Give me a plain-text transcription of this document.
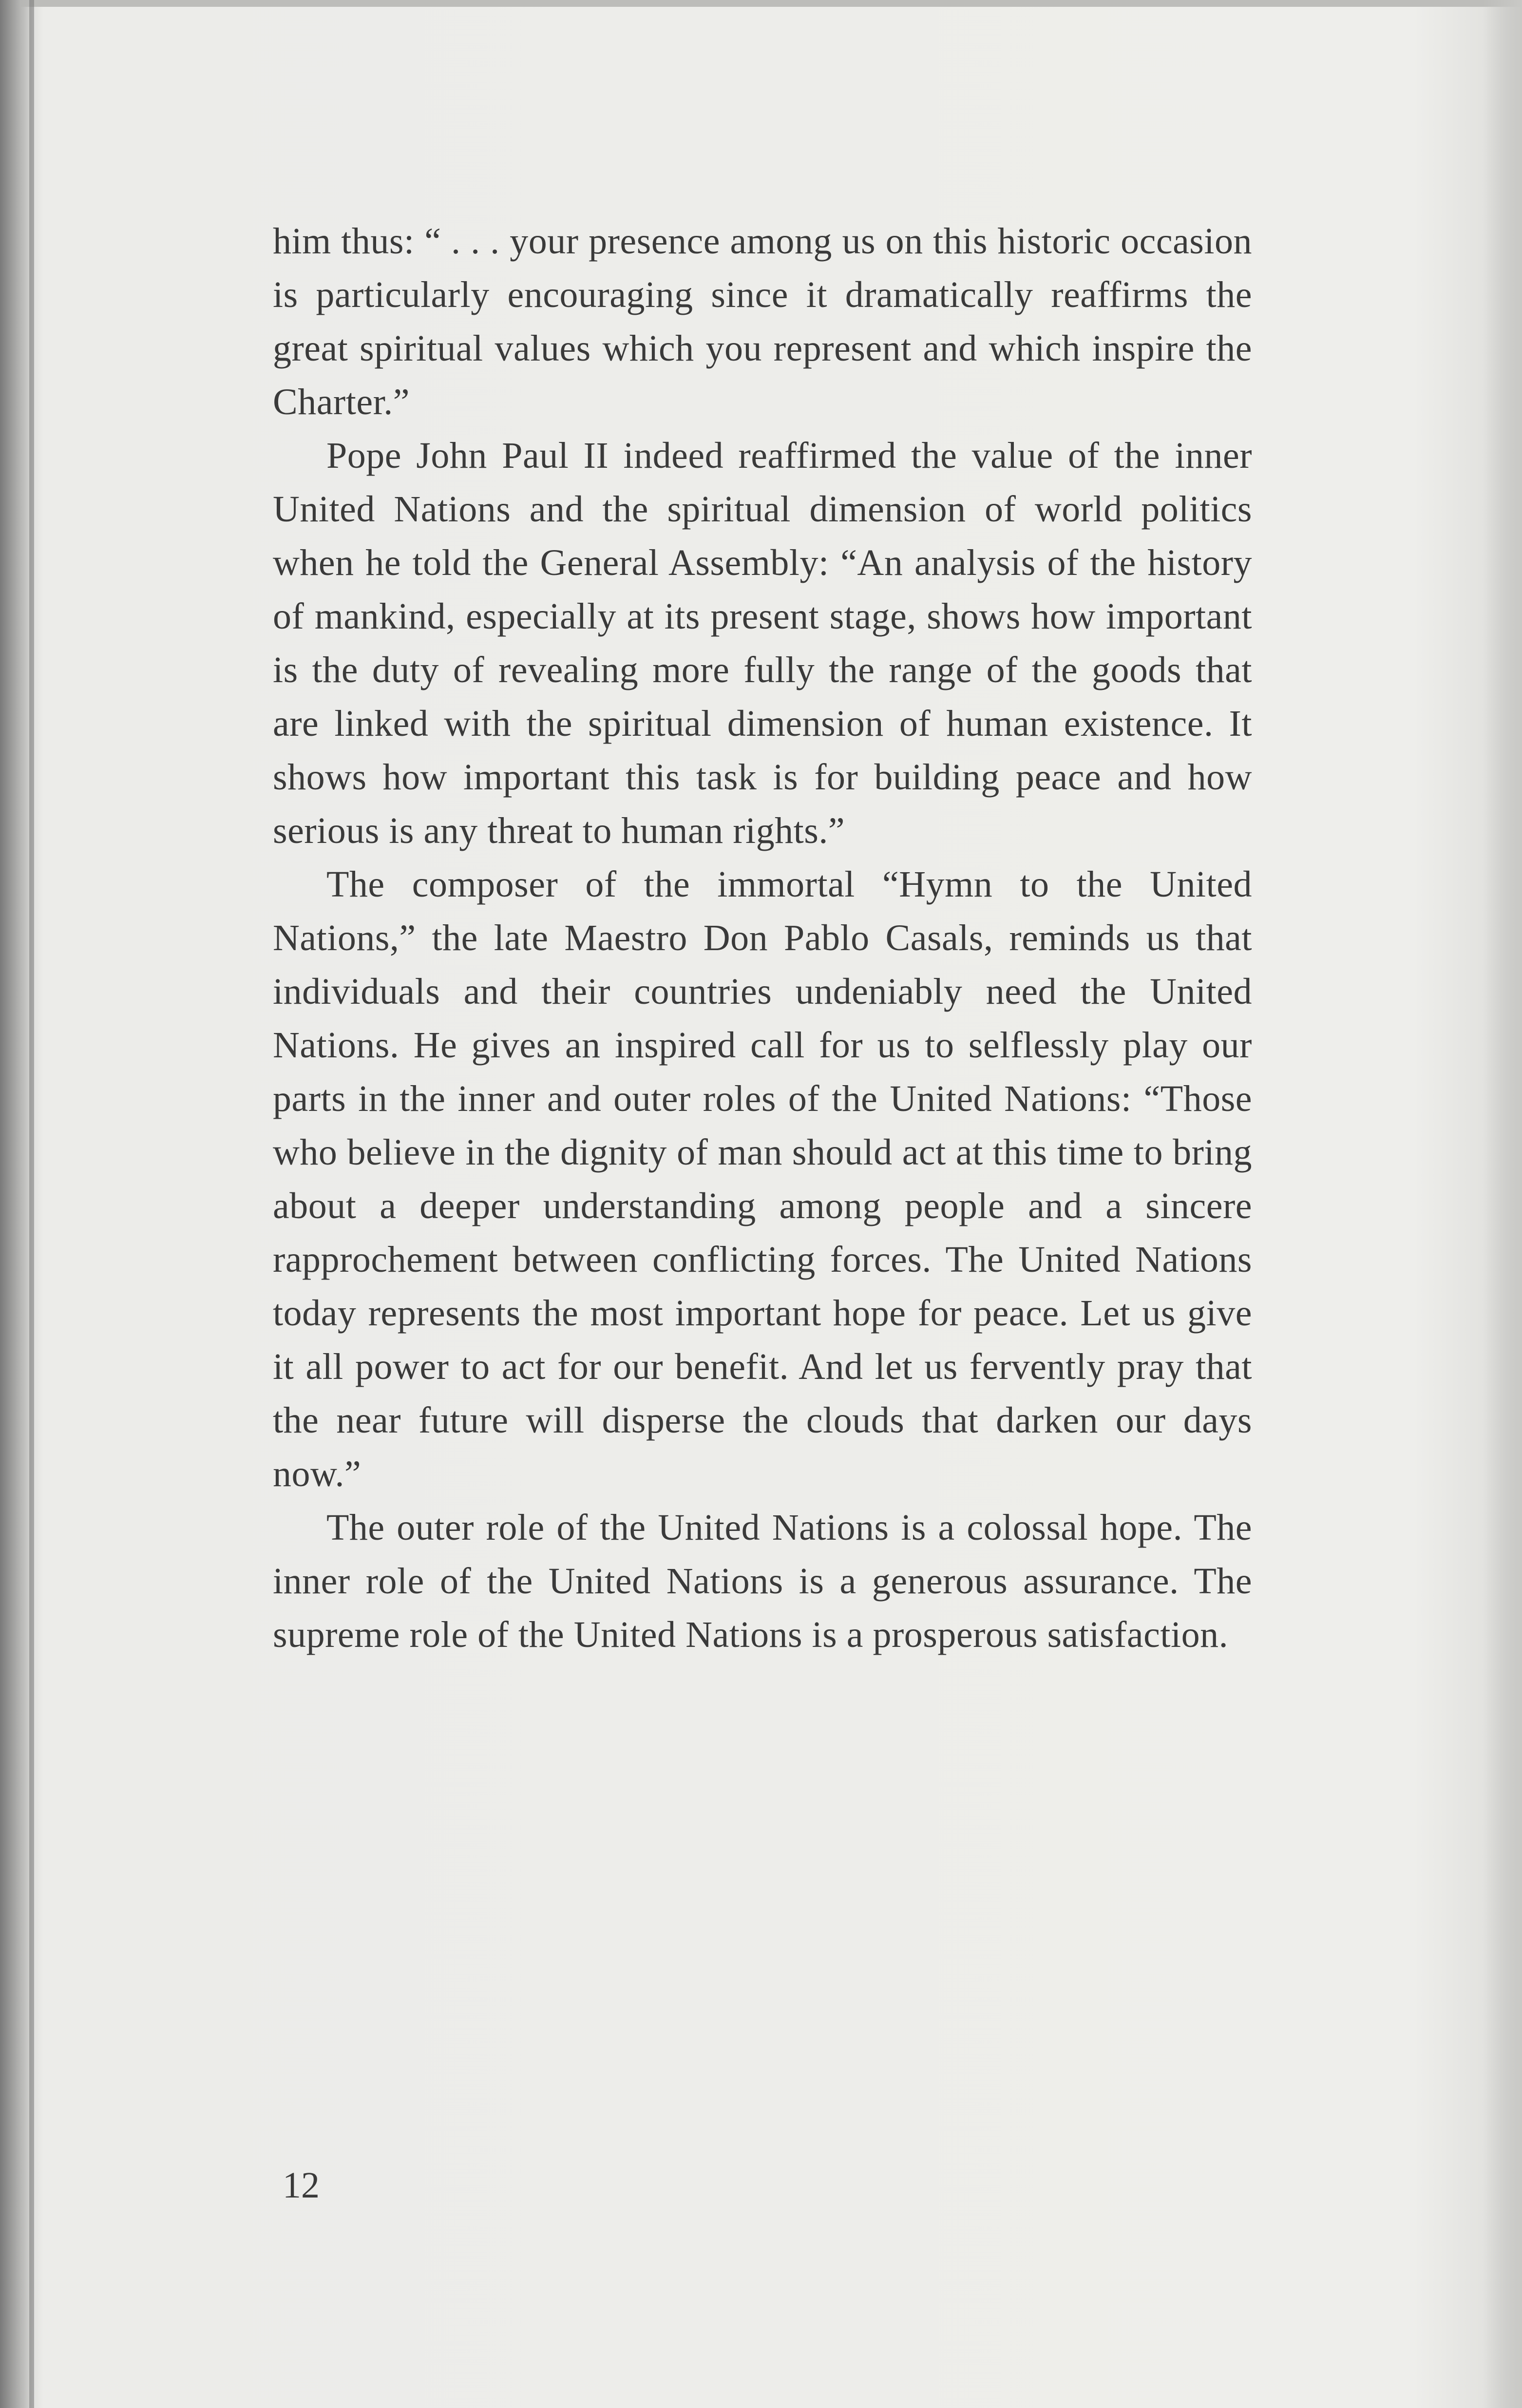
him thus: “ . . . your presence among us on this historic occasion is particularly encouraging since it dramatically reaffirms the great spiritual values which you represent and which inspire the Charter.”

Pope John Paul II indeed reaffirmed the value of the inner United Nations and the spiritual dimension of world politics when he told the General Assembly: “An analysis of the history of mankind, especially at its present stage, shows how important is the duty of revealing more fully the range of the goods that are linked with the spiritual dimension of human existence. It shows how important this task is for building peace and how serious is any threat to human rights.”

The composer of the immortal “Hymn to the United Nations,” the late Maestro Don Pablo Casals, reminds us that individuals and their countries undeniably need the United Nations. He gives an inspired call for us to selflessly play our parts in the inner and outer roles of the United Nations: “Those who believe in the dignity of man should act at this time to bring about a deeper understanding among people and a sincere rapprochement between conflicting forces. The United Nations today represents the most important hope for peace. Let us give it all power to act for our benefit. And let us fervently pray that the near future will disperse the clouds that darken our days now.”

The outer role of the United Nations is a colossal hope. The inner role of the United Nations is a generous assurance. The supreme role of the United Nations is a prosperous satisfaction.

12
